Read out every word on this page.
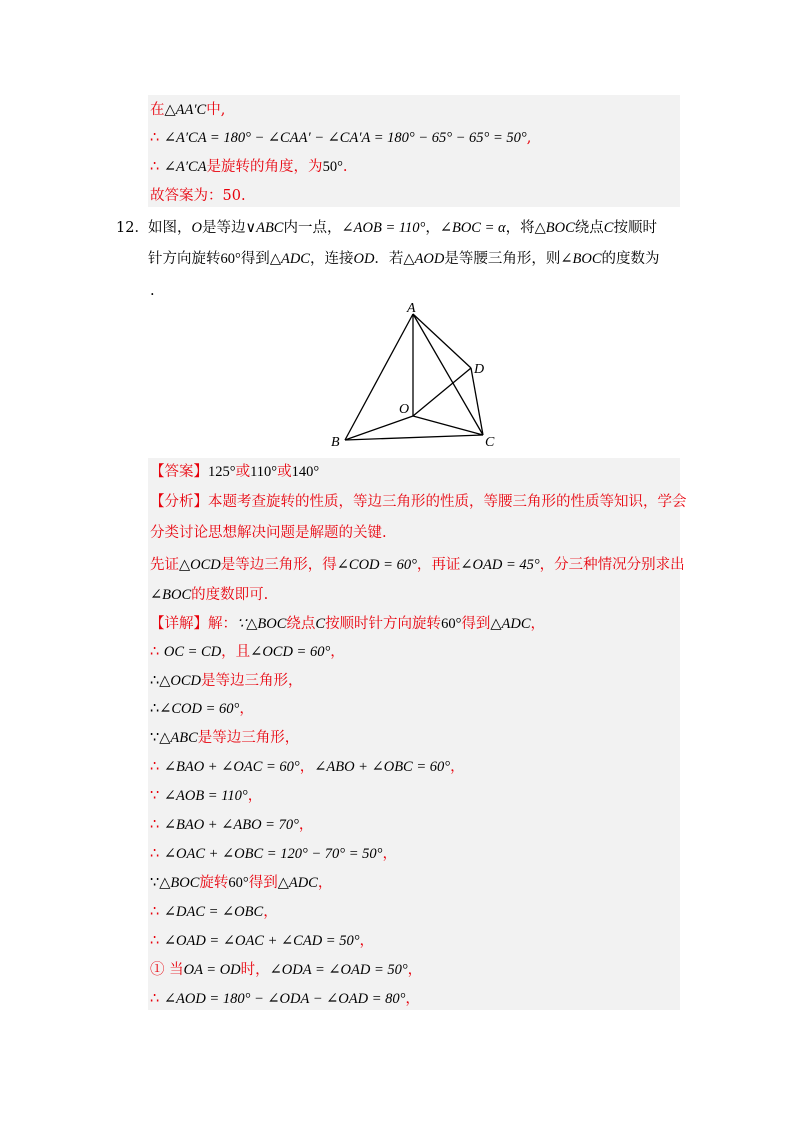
在△AA′C中,
∴ ∠A′CA = 180° − ∠CAA′ − ∠CA′A = 180° − 65° − 65° = 50°,
∴ ∠A′CA是旋转的角度，为50°.
故答案为：50.
12． 如图，O是等边∨ABC内一点，∠AOB = 110°，∠BOC = α，将△BOC绕点C按顺时
针方向旋转60°得到△ADC，连接OD．若△AOD是等腰三角形，则∠BOC的度数为
.
A
B	C
D
O
【答案】125°或110°或140°
【分析】本题考查旋转的性质，等边三角形的性质，等腰三角形的性质等知识，学会
分类讨论思想解决问题是解题的关键.
先证△OCD是等边三角形，得∠COD = 60°，再证∠OAD = 45°，分三种情况分别求出
∠BOC的度数即可.
【详解】解：∵△BOC绕点C按顺时针方向旋转60°得到△ADC，
∴ OC = CD，且∠OCD = 60°，
∴△OCD是等边三角形，
∴∠COD = 60°，
∵△ABC是等边三角形，
∴ ∠BAO + ∠OAC = 60°，∠ABO + ∠OBC = 60°，
∵ ∠AOB = 110°，
∴ ∠BAO + ∠ABO = 70°，
∴ ∠OAC + ∠OBC = 120° − 70° = 50°，
∵△BOC旋转60°得到△ADC，
∴ ∠DAC = ∠OBC，
∴ ∠OAD = ∠OAC + ∠CAD = 50°，
① 当OA = OD时，∠ODA = ∠OAD = 50°，
∴ ∠AOD = 180° − ∠ODA − ∠OAD = 80°，
